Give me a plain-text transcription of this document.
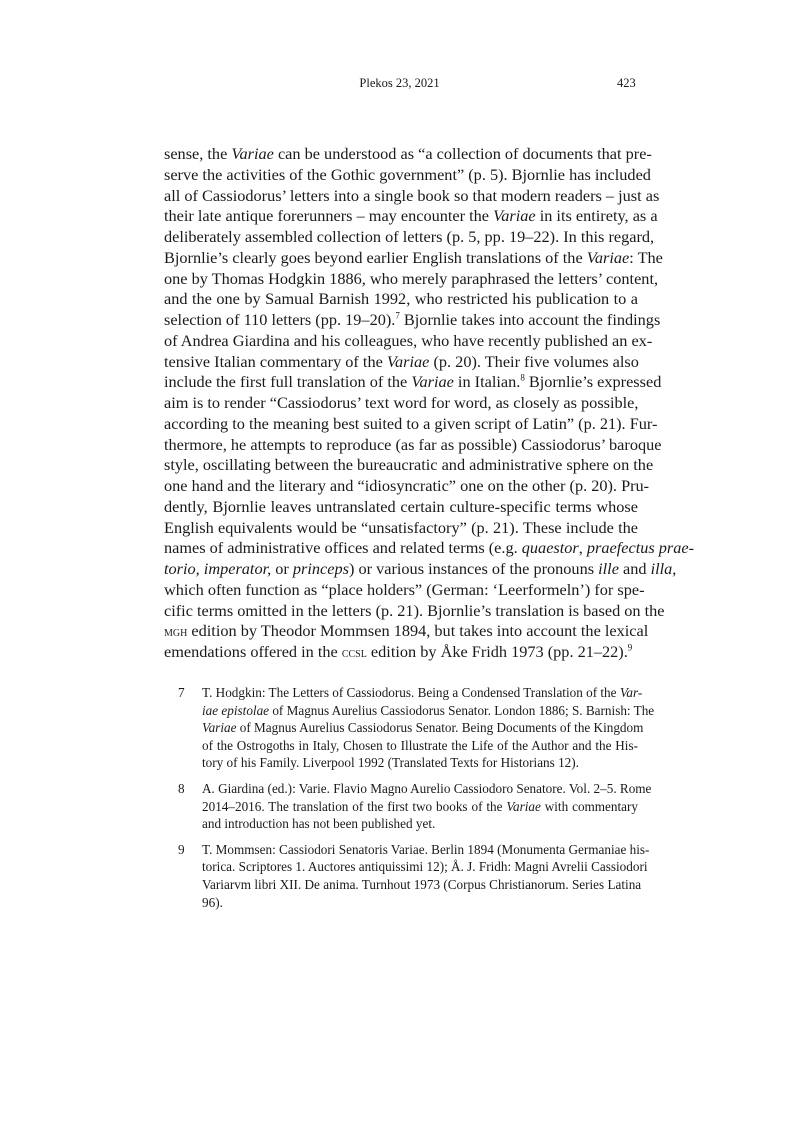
Plekos 23, 2021	423
sense, the Variae can be understood as “a collection of documents that pre-
serve the activities of the Gothic government” (p. 5). Bjornlie has included
all of Cassiodorus’ letters into a single book so that modern readers – just as
their late antique forerunners – may encounter the Variae in its entirety, as a
deliberately assembled collection of letters (p. 5, pp. 19–22). In this regard,
Bjornlie’s clearly goes beyond earlier English translations of the Variae: The
one by Thomas Hodgkin 1886, who merely paraphrased the letters’ content,
and the one by Samual Barnish 1992, who restricted his publication to a
selection of 110 letters (pp. 19–20).$^7$ Bjornlie takes into account the findings
of Andrea Giardina and his colleagues, who have recently published an ex-
tensive Italian commentary of the Variae (p. 20). Their five volumes also
include the first full translation of the Variae in Italian.$^8$ Bjornlie’s expressed
aim is to render “Cassiodorus’ text word for word, as closely as possible,
according to the meaning best suited to a given script of Latin” (p. 21). Fur-
thermore, he attempts to reproduce (as far as possible) Cassiodorus’ baroque
style, oscillating between the bureaucratic and administrative sphere on the
one hand and the literary and “idiosyncratic” one on the other (p. 20). Pru-
dently, Bjornlie leaves untranslated certain culture-specific terms whose
English equivalents would be “unsatisfactory” (p. 21). These include the
names of administrative offices and related terms (e.g. quaestor, praefectus prae-
torio, imperator, or princeps) or various instances of the pronouns ille and illa,
which often function as “place holders” (German: ‘Leerformeln’) for spe-
cific terms omitted in the letters (p. 21). Bjornlie’s translation is based on the
mgh edition by Theodor Mommsen 1894, but takes into account the lexical
emendations offered in the ccsl edition by Åke Fridh 1973 (pp. 21–22).$^9$
7 T. Hodgkin: The Letters of Cassiodorus. Being a Condensed Translation of the Var-
iae epistolae of Magnus Aurelius Cassiodorus Senator. London 1886; S. Barnish: The
Variae of Magnus Aurelius Cassiodorus Senator. Being Documents of the Kingdom
of the Ostrogoths in Italy, Chosen to Illustrate the Life of the Author and the His-
tory of his Family. Liverpool 1992 (Translated Texts for Historians 12).
8 A. Giardina (ed.): Varie. Flavio Magno Aurelio Cassiodoro Senatore. Vol. 2–5. Rome
2014–2016. The translation of the first two books of the Variae with commentary
and introduction has not been published yet.
9 T. Mommsen: Cassiodori Senatoris Variae. Berlin 1894 (Monumenta Germaniae his-
torica. Scriptores 1. Auctores antiquissimi 12); Å. J. Fridh: Magni Avrelii Cassiodori
Variarvm libri XII. De anima. Turnhout 1973 (Corpus Christianorum. Series Latina
96).
